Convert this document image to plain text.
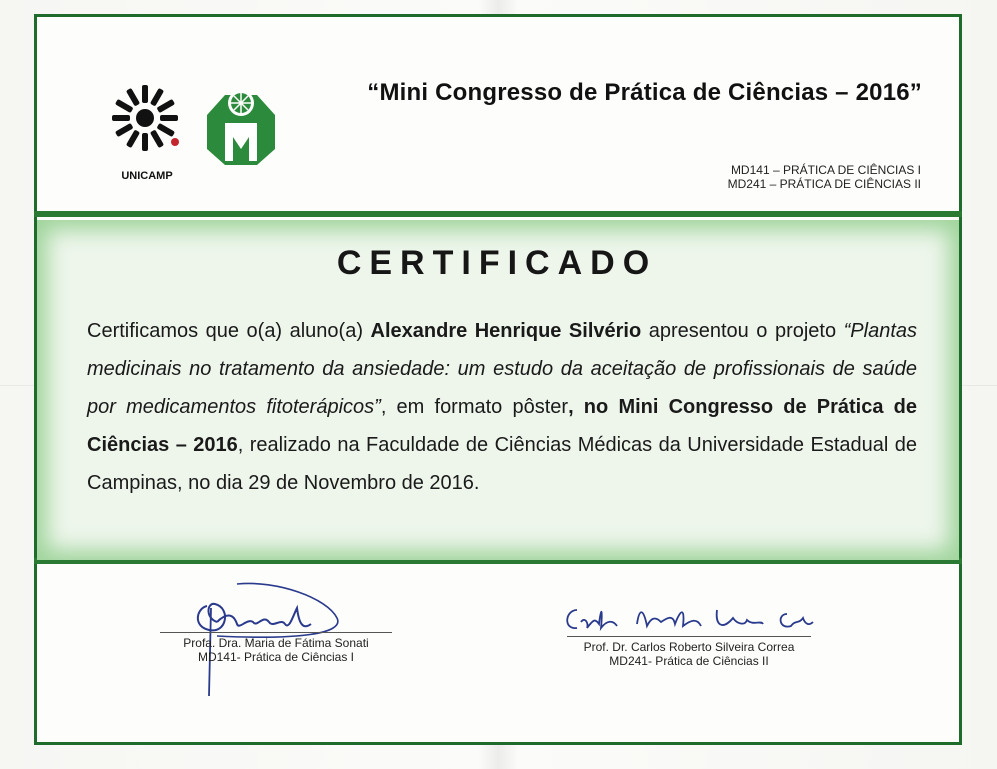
UNICAMP
“Mini Congresso de Prática de Ciências – 2016”
MD141 – PRÁTICA DE CIÊNCIAS I
MD241 – PRÁTICA DE CIÊNCIAS II
CERTIFICADO
Certificamos que o(a) aluno(a) Alexandre Henrique Silvério apresentou o projeto “Plantas medicinais no tratamento da ansiedade: um estudo da aceitação de profissionais de saúde por medicamentos fitoterápicos”, em formato pôster, no Mini Congresso de Prática de Ciências – 2016, realizado na Faculdade de Ciências Médicas da Universidade Estadual de Campinas, no dia 29 de Novembro de 2016.
Profa. Dra. Maria de Fátima Sonati
MD141- Prática de Ciências I
Prof. Dr. Carlos Roberto Silveira Correa
MD241- Prática de Ciências II
